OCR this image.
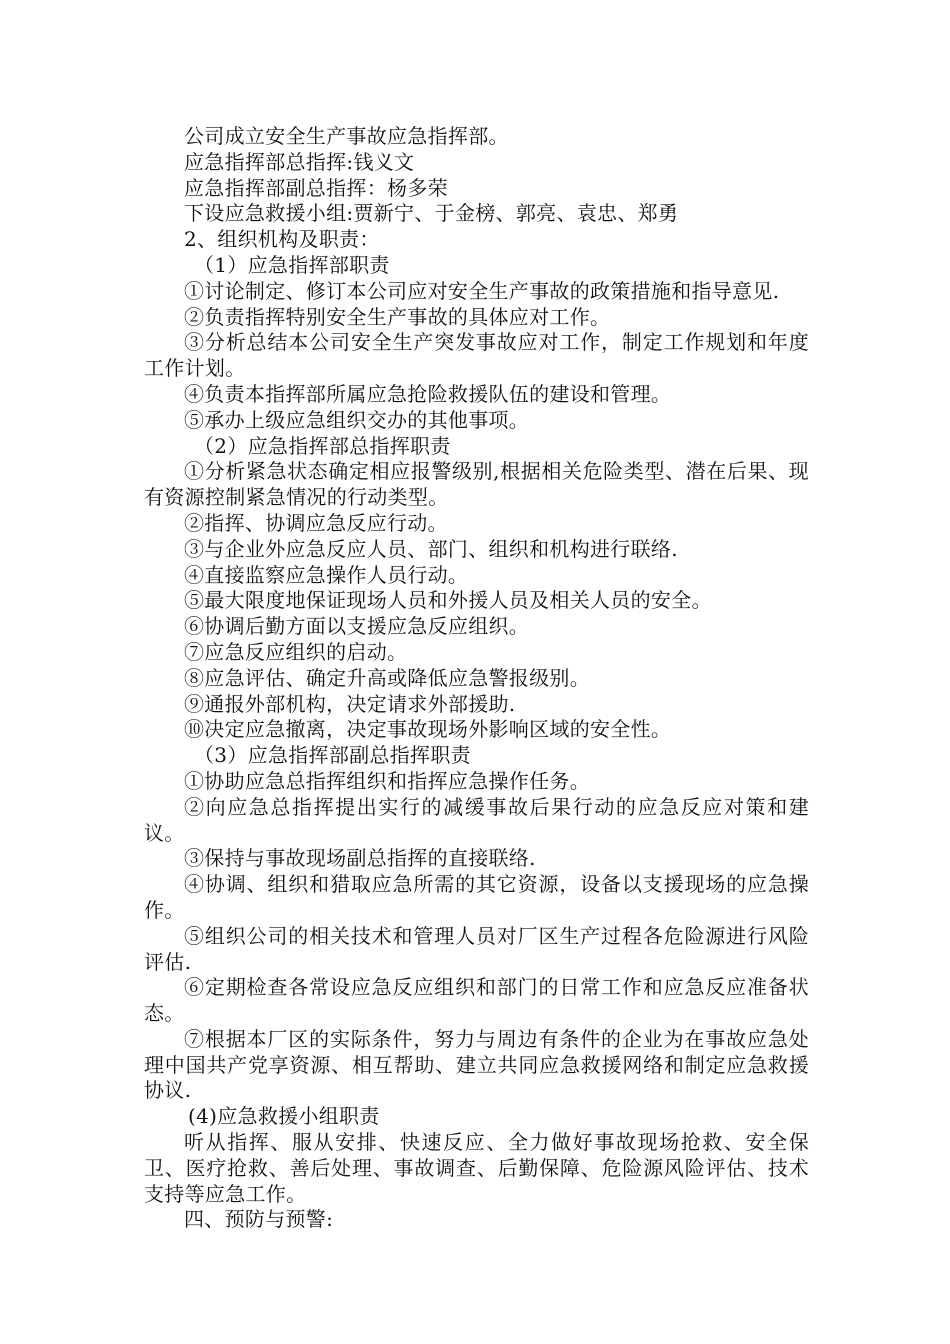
公司成立安全生产事故应急指挥部。

应急指挥部总指挥:钱义文

应急指挥部副总指挥：杨多荣

下设应急救援小组:贾新宁、于金榜、郭亮、袁忠、郑勇

2、组织机构及职责：

（1）应急指挥部职责

①讨论制定、修订本公司应对安全生产事故的政策措施和指导意见.

②负责指挥特别安全生产事故的具体应对工作。

③分析总结本公司安全生产突发事故应对工作，制定工作规划和年度工作计划。

④负责本指挥部所属应急抢险救援队伍的建设和管理。

⑤承办上级应急组织交办的其他事项。

（2）应急指挥部总指挥职责

①分析紧急状态确定相应报警级别,根据相关危险类型、潜在后果、现有资源控制紧急情况的行动类型。

②指挥、协调应急反应行动。

③与企业外应急反应人员、部门、组织和机构进行联络.

④直接监察应急操作人员行动。

⑤最大限度地保证现场人员和外援人员及相关人员的安全。

⑥协调后勤方面以支援应急反应组织。

⑦应急反应组织的启动。

⑧应急评估、确定升高或降低应急警报级别。

⑨通报外部机构，决定请求外部援助.

⑩决定应急撤离，决定事故现场外影响区域的安全性。

（3）应急指挥部副总指挥职责

①协助应急总指挥组织和指挥应急操作任务。

②向应急总指挥提出实行的减缓事故后果行动的应急反应对策和建议。

③保持与事故现场副总指挥的直接联络.

④协调、组织和猎取应急所需的其它资源，设备以支援现场的应急操作。

⑤组织公司的相关技术和管理人员对厂区生产过程各危险源进行风险评估.

⑥定期检查各常设应急反应组织和部门的日常工作和应急反应准备状态。

⑦根据本厂区的实际条件，努力与周边有条件的企业为在事故应急处理中国共产党享资源、相互帮助、建立共同应急救援网络和制定应急救援协议.

(4)应急救援小组职责

听从指挥、服从安排、快速反应、全力做好事故现场抢救、安全保卫、医疗抢救、善后处理、事故调查、后勤保障、危险源风险评估、技术支持等应急工作。

四、预防与预警:
